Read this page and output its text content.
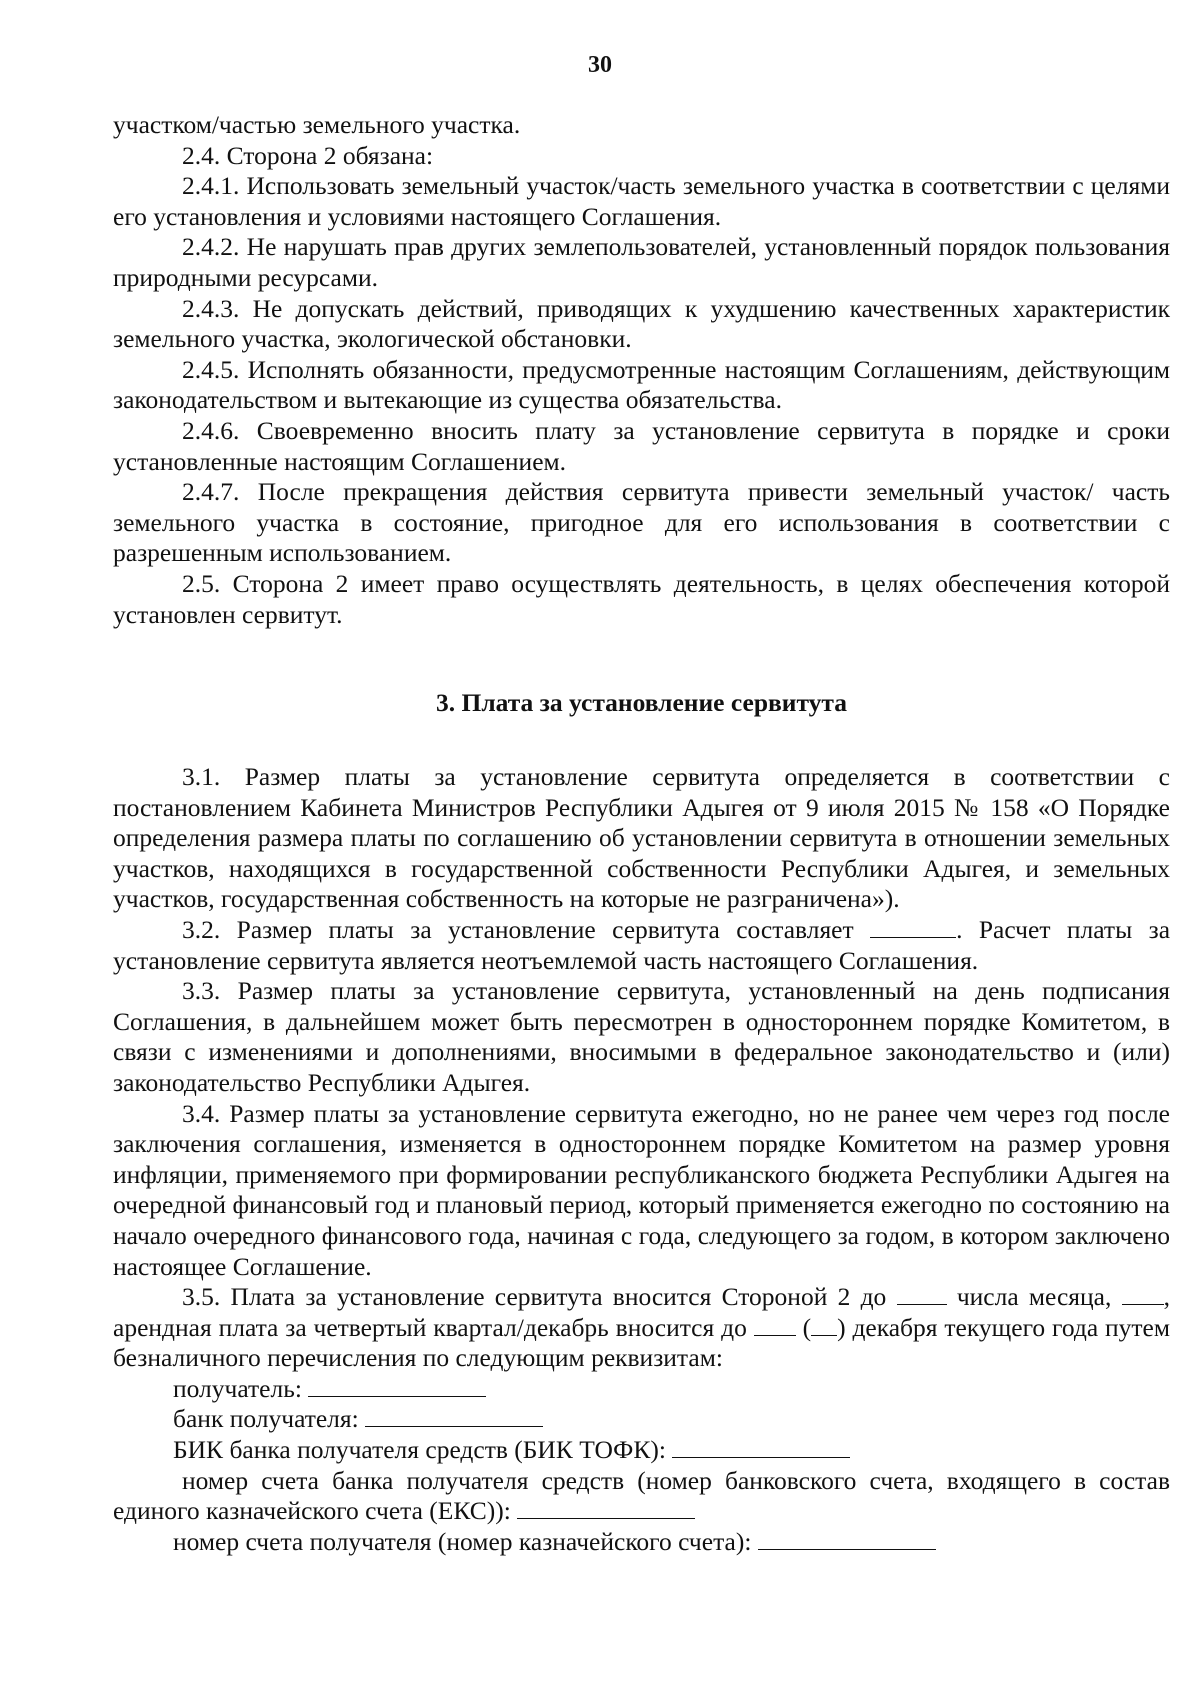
30

участком/частью земельного участка.

2.4. Сторона 2 обязана:

2.4.1. Использовать земельный участок/часть земельного участка в соответствии с целями его установления и условиями настоящего Соглашения.

2.4.2. Не нарушать прав других землепользователей, установленный порядок пользования природными ресурсами.

2.4.3. Не допускать действий, приводящих к ухудшению качественных характеристик земельного участка, экологической обстановки.

2.4.5. Исполнять обязанности, предусмотренные настоящим Соглашениям, действующим законодательством и вытекающие из существа обязательства.

2.4.6. Своевременно вносить плату за установление сервитута в порядке и сроки установленные настоящим Соглашением.

2.4.7. После прекращения действия сервитута привести земельный участок/ часть земельного участка в состояние, пригодное для его использования в соответствии с разрешенным использованием.

2.5. Сторона 2 имеет право осуществлять деятельность, в целях обеспечения которой установлен сервитут.

3. Плата за установление сервитута

3.1. Размер платы за установление сервитута определяется в соответствии с постановлением Кабинета Министров Республики Адыгея от 9 июля 2015 № 158 «О Порядке определения размера платы по соглашению об установлении сервитута в отношении земельных участков, находящихся в государственной собственности Республики Адыгея, и земельных участков, государственная собственность на которые не разграничена»).

3.2. Размер платы за установление сервитута составляет	. Расчет платы за установление сервитута является неотъемлемой часть настоящего Соглашения.

3.3. Размер платы за установление сервитута, установленный на день подписания Соглашения, в дальнейшем может быть пересмотрен в одностороннем порядке Комитетом, в связи с изменениями и дополнениями, вносимыми в федеральное законодательство и (или) законодательство Республики Адыгея.

3.4. Размер платы за установление сервитута ежегодно, но не ранее чем через год после заключения соглашения, изменяется в одностороннем порядке Комитетом на размер уровня инфляции, применяемого при формировании республиканского бюджета Республики Адыгея на очередной финансовый год и плановый период, который применяется ежегодно по состоянию на начало очередного финансового года, начиная с года, следующего за годом, в котором заключено настоящее Соглашение.

3.5. Плата за установление сервитута вносится Стороной 2 до	числа месяца, , арендная плата за четвертый квартал/декабрь вносится до ( ) декабря текущего года путем безналичного перечисления по следующим реквизитам:

получатель:

банк получателя:

БИК банка получателя средств (БИК ТОФК):

номер счета банка получателя средств (номер банковского счета, входящего в состав единого казначейского счета (ЕКС)):

номер счета получателя (номер казначейского счета):
